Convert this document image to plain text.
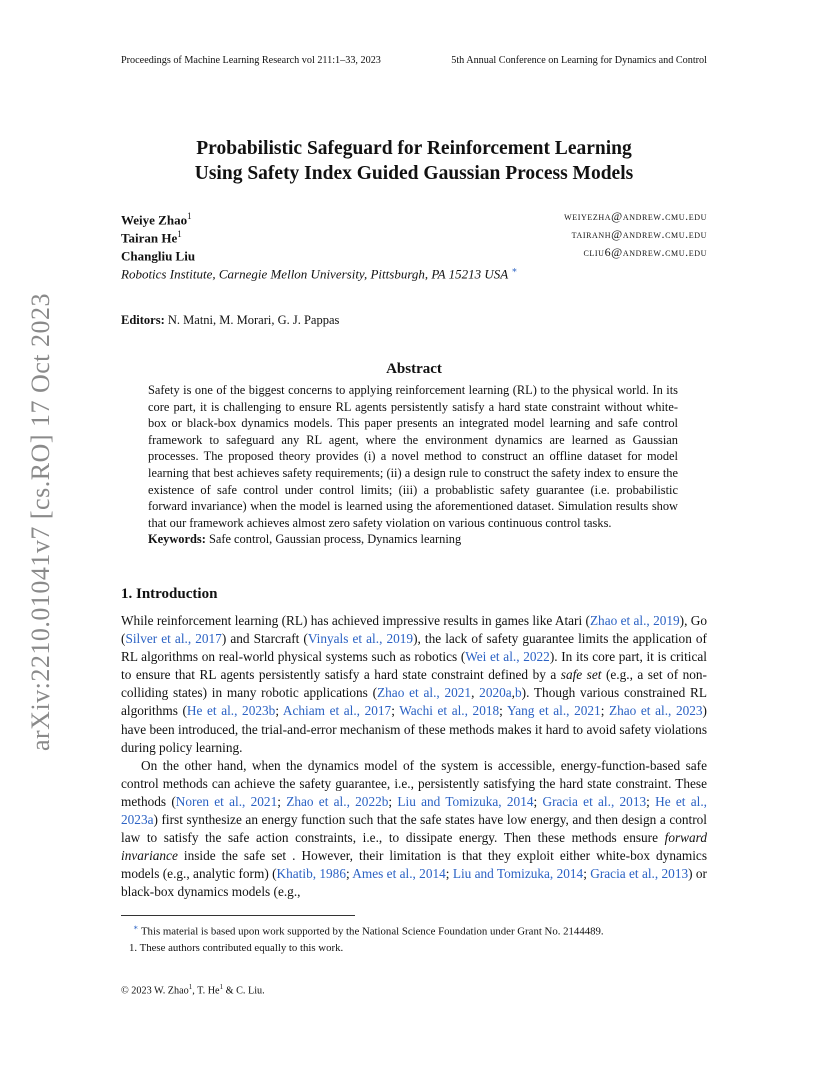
Proceedings of Machine Learning Research vol 211:1–33, 2023	5th Annual Conference on Learning for Dynamics and Control
arXiv:2210.01041v7 [cs.RO] 17 Oct 2023
Probabilistic Safeguard for Reinforcement Learning
Using Safety Index Guided Gaussian Process Models
Weiye Zhao$^1$	weiyezha@andrew.cmu.edu
Tairan He$^1$	tairanh@andrew.cmu.edu
Changliu Liu	cliu6@andrew.cmu.edu
Robotics Institute, Carnegie Mellon University, Pittsburgh, PA 15213 USA ∗
Editors: N. Matni, M. Morari, G. J. Pappas
Abstract
Safety is one of the biggest concerns to applying reinforcement learning (RL) to the physical world. In its core part, it is challenging to ensure RL agents persistently satisfy a hard state constraint without white-box or black-box dynamics models. This paper presents an integrated model learning and safe control framework to safeguard any RL agent, where the environment dynamics are learned as Gaussian processes. The proposed theory provides (i) a novel method to construct an offline dataset for model learning that best achieves safety requirements; (ii) a design rule to construct the safety index to ensure the existence of safe control under control limits; (iii) a probablistic safety guarantee (i.e. probabilistic forward invariance) when the model is learned using the aforementioned dataset. Simulation results show that our framework achieves almost zero safety violation on various continuous control tasks.
Keywords: Safe control, Gaussian process, Dynamics learning
1. Introduction

While reinforcement learning (RL) has achieved impressive results in games like Atari (Zhao et al., 2019), Go (Silver et al., 2017) and Starcraft (Vinyals et al., 2019), the lack of safety guarantee limits the application of RL algorithms on real-world physical systems such as robotics (Wei et al., 2022). In its core part, it is critical to ensure that RL agents persistently satisfy a hard state constraint defined by a safe set (e.g., a set of non-colliding states) in many robotic applications (Zhao et al., 2021, 2020a,b). Though various constrained RL algorithms (He et al., 2023b; Achiam et al., 2017; Wachi et al., 2018; Yang et al., 2021; Zhao et al., 2023) have been introduced, the trial-and-error mechanism of these methods makes it hard to avoid safety violations during policy learning.

On the other hand, when the dynamics model of the system is accessible, energy-function-based safe control methods can achieve the safety guarantee, i.e., persistently satisfying the hard state constraint. These methods (Noren et al., 2021; Zhao et al., 2022b; Liu and Tomizuka, 2014; Gracia et al., 2013; He et al., 2023a) first synthesize an energy function such that the safe states have low energy, and then design a control law to satisfy the safe action constraints, i.e., to dissipate energy. Then these methods ensure forward invariance inside the safe set . However, their limitation is that they exploit either white-box dynamics models (e.g., analytic form) (Khatib, 1986; Ames et al., 2014; Liu and Tomizuka, 2014; Gracia et al., 2013) or black-box dynamics models (e.g.,

∗ This material is based upon work supported by the National Science Foundation under Grant No. 2144489.
1. These authors contributed equally to this work.
© 2023 W. Zhao$^1$, T. He$^1$ & C. Liu.
